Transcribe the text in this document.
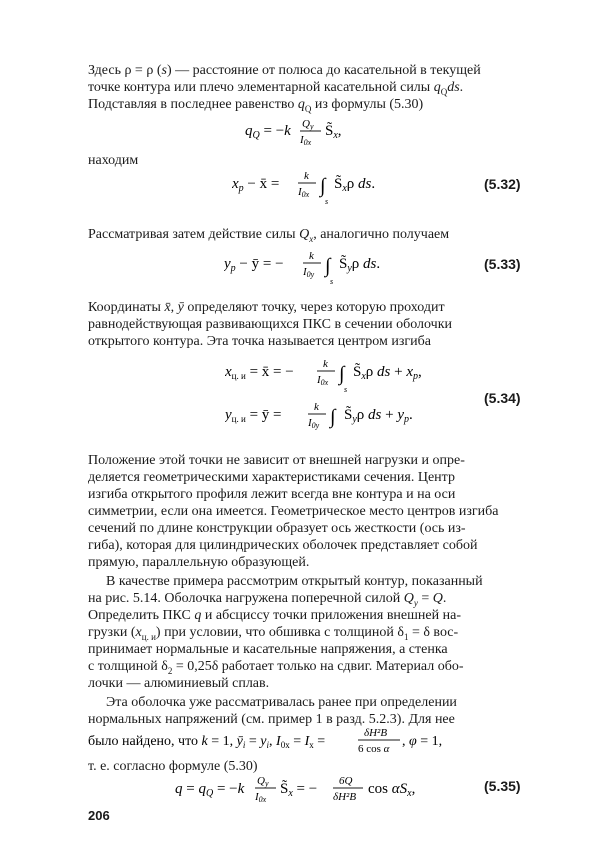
Здесь ρ = ρ (s) — расстояние от полюса до касательной в текущей
точке контура или плечо элементарной касательной силы $q_Qds$.
Подставляя в последнее равенство $q_Q$ из формулы (5.30)
$q_Q = -k$ Qy
I0x
$S̃_x$,
находим
$x_p$ − x̄ = k
I0x ∫
s
$S̃_x\rho$ ds.	(5.32)
Рассматривая затем действие силы $Q_x$, аналогично получаем
$y_p$ − ȳ = − k
I0y ∫
s
$S̃_y\rho$ ds.	(5.33)
Координаты x̄, ȳ определяют точку, через которую проходит
равнодействующая развивающихся ПКС в сечении оболочки
открытого контура. Эта точка называется центром изгиба
$x_{ц. и}$ = x̄ = −	k
I0x ∫
s
$S̃_x\rho$ ds + $x_p$,
$y_{ц. и}$ = ȳ =	k
I0y ∫ $S̃_y\rho$ ds + $y_p$.
(5.34)
Положение этой точки не зависит от внешней нагрузки и опре-
деляется геометрическими характеристиками сечения. Центр
изгиба открытого профиля лежит всегда вне контура и на оси
симметрии, если она имеется. Геометрическое место центров изгиба
сечений по длине конструкции образует ось жесткости (ось из-
гиба), которая для цилиндрических оболочек представляет собой
прямую, параллельную образующей.
В качестве примера рассмотрим открытый контур, показанный
на рис. 5.14. Оболочка нагружена поперечной силой $Q_y = Q$.
Определить ПКС q и абсциссу точки приложения внешней на-
грузки $(x_{ц. и})$ при условии, что обшивка с толщиной $\delta_1 = \delta$ вос-
принимает нормальные и касательные напряжения, а стенка
с толщиной $\delta_2 = 0,25\delta$ работает только на сдвиг. Материал обо-
лочки — алюминиевый сплав.
Эта оболочка уже рассматривалась ранее при определении
нормальных напряжений (см. пример 1 в разд. 5.2.3). Для нее
было найдено, что k = 1, $ȳ_i = y_i$, $I_{0x} = I_x$ =
δH²B
6 cos α , φ = 1,
т. е. согласно формуле (5.30)
$q = q_Q = -k$ Qy
I0x
$S̃_x$ = − 6Q
δH²B $\cos \alpha S_x$,	(5.35)
206
